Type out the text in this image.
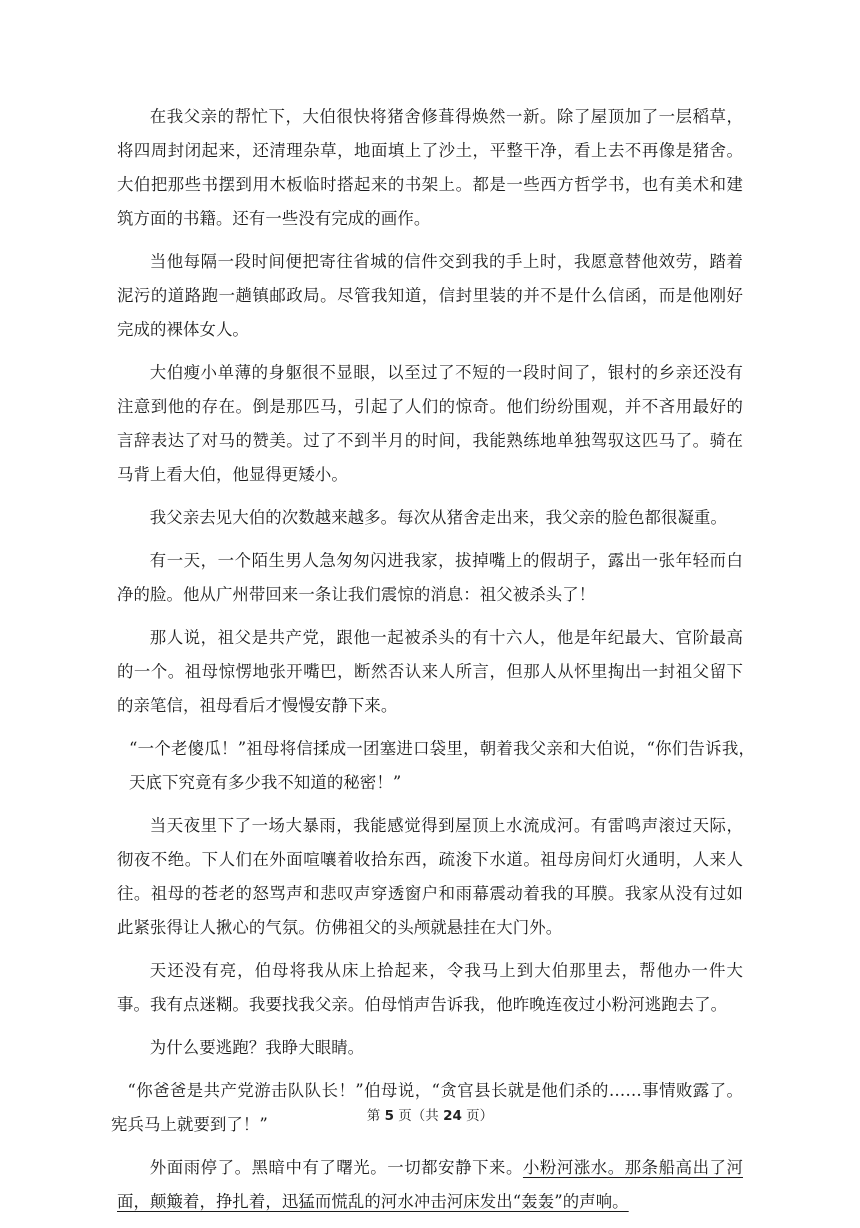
在我父亲的帮忙下，大伯很快将猪舍修葺得焕然一新。除了屋顶加了一层稻草，将四周封闭起来，还清理杂草，地面填上了沙土，平整干净，看上去不再像是猪舍。大伯把那些书摆到用木板临时搭起来的书架上。都是一些西方哲学书，也有美术和建筑方面的书籍。还有一些没有完成的画作。

当他每隔一段时间便把寄往省城的信件交到我的手上时，我愿意替他效劳，踏着泥污的道路跑一趟镇邮政局。尽管我知道，信封里装的并不是什么信函，而是他刚好完成的裸体女人。

大伯瘦小单薄的身躯很不显眼，以至过了不短的一段时间了，银村的乡亲还没有注意到他的存在。倒是那匹马，引起了人们的惊奇。他们纷纷围观，并不吝用最好的言辞表达了对马的赞美。过了不到半月的时间，我能熟练地单独驾驭这匹马了。骑在马背上看大伯，他显得更矮小。

我父亲去见大伯的次数越来越多。每次从猪舍走出来，我父亲的脸色都很凝重。

有一天，一个陌生男人急匆匆闪进我家，拔掉嘴上的假胡子，露出一张年轻而白净的脸。他从广州带回来一条让我们震惊的消息：祖父被杀头了！

那人说，祖父是共产党，跟他一起被杀头的有十六人，他是年纪最大、官阶最高的一个。祖母惊愣地张开嘴巴，断然否认来人所言，但那人从怀里掏出一封祖父留下的亲笔信，祖母看后才慢慢安静下来。

“一个老傻瓜！”祖母将信揉成一团塞进口袋里，朝着我父亲和大伯说，“你们告诉我，天底下究竟有多少我不知道的秘密！”

当天夜里下了一场大暴雨，我能感觉得到屋顶上水流成河。有雷鸣声滚过天际，彻夜不绝。下人们在外面喧嚷着收拾东西，疏浚下水道。祖母房间灯火通明，人来人往。祖母的苍老的怒骂声和悲叹声穿透窗户和雨幕震动着我的耳膜。我家从没有过如此紧张得让人揪心的气氛。仿佛祖父的头颅就悬挂在大门外。

天还没有亮，伯母将我从床上拾起来，令我马上到大伯那里去，帮他办一件大事。我有点迷糊。我要找我父亲。伯母悄声告诉我，他昨晚连夜过小粉河逃跑去了。

为什么要逃跑？我睁大眼睛。

“你爸爸是共产党游击队队长！”伯母说，“贪官县长就是他们杀的……事情败露了。宪兵马上就要到了！”

外面雨停了。黑暗中有了曙光。一切都安静下来。小粉河涨水。那条船高出了河面，颠簸着，挣扎着，迅猛而慌乱的河水冲击河床发出“轰轰”的声响。

第 5 页（共 24 页）
